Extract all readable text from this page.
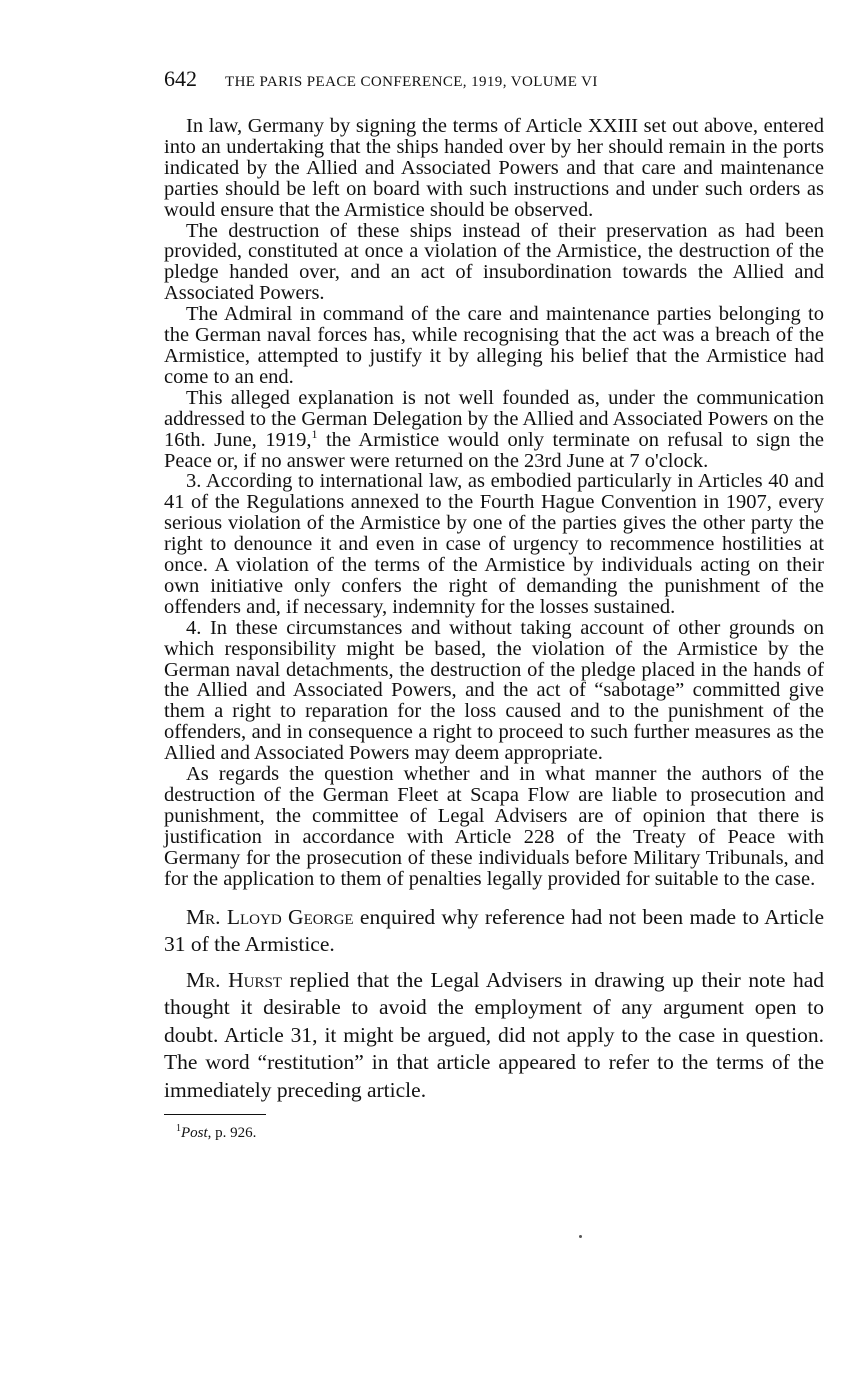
642 THE PARIS PEACE CONFERENCE, 1919, VOLUME VI

In law, Germany by signing the terms of Article XXIII set out above, entered into an undertaking that the ships handed over by her should remain in the ports indicated by the Allied and Associated Powers and that care and maintenance parties should be left on board with such instructions and under such orders as would ensure that the Armistice should be observed.

The destruction of these ships instead of their preservation as had been provided, constituted at once a violation of the Armistice, the destruction of the pledge handed over, and an act of insubordination towards the Allied and Associated Powers.

The Admiral in command of the care and maintenance parties belonging to the German naval forces has, while recognising that the act was a breach of the Armistice, attempted to justify it by alleging his belief that the Armistice had come to an end.

This alleged explanation is not well founded as, under the communication addressed to the German Delegation by the Allied and Associated Powers on the 16th. June, 1919,$^1$ the Armistice would only terminate on refusal to sign the Peace or, if no answer were returned on the 23rd June at 7 o'clock.

3. According to international law, as embodied particularly in Articles 40 and 41 of the Regulations annexed to the Fourth Hague Convention in 1907, every serious violation of the Armistice by one of the parties gives the other party the right to denounce it and even in case of urgency to recommence hostilities at once. A violation of the terms of the Armistice by individuals acting on their own initiative only confers the right of demanding the punishment of the offenders and, if necessary, indemnity for the losses sustained.

4. In these circumstances and without taking account of other grounds on which responsibility might be based, the violation of the Armistice by the German naval detachments, the destruction of the pledge placed in the hands of the Allied and Associated Powers, and the act of “sabotage” committed give them a right to reparation for the loss caused and to the punishment of the offenders, and in consequence a right to proceed to such further measures as the Allied and Associated Powers may deem appropriate.

As regards the question whether and in what manner the authors of the destruction of the German Fleet at Scapa Flow are liable to prosecution and punishment, the committee of Legal Advisers are of opinion that there is justification in accordance with Article 228 of the Treaty of Peace with Germany for the prosecution of these individuals before Military Tribunals, and for the application to them of penalties legally provided for suitable to the case.

Mr. Lloyd George enquired why reference had not been made to Article 31 of the Armistice.

Mr. Hurst replied that the Legal Advisers in drawing up their note had thought it desirable to avoid the employment of any argument open to doubt. Article 31, it might be argued, did not apply to the case in question. The word “restitution” in that article appeared to refer to the terms of the immediately preceding article.

$^1$Post, p. 926.
